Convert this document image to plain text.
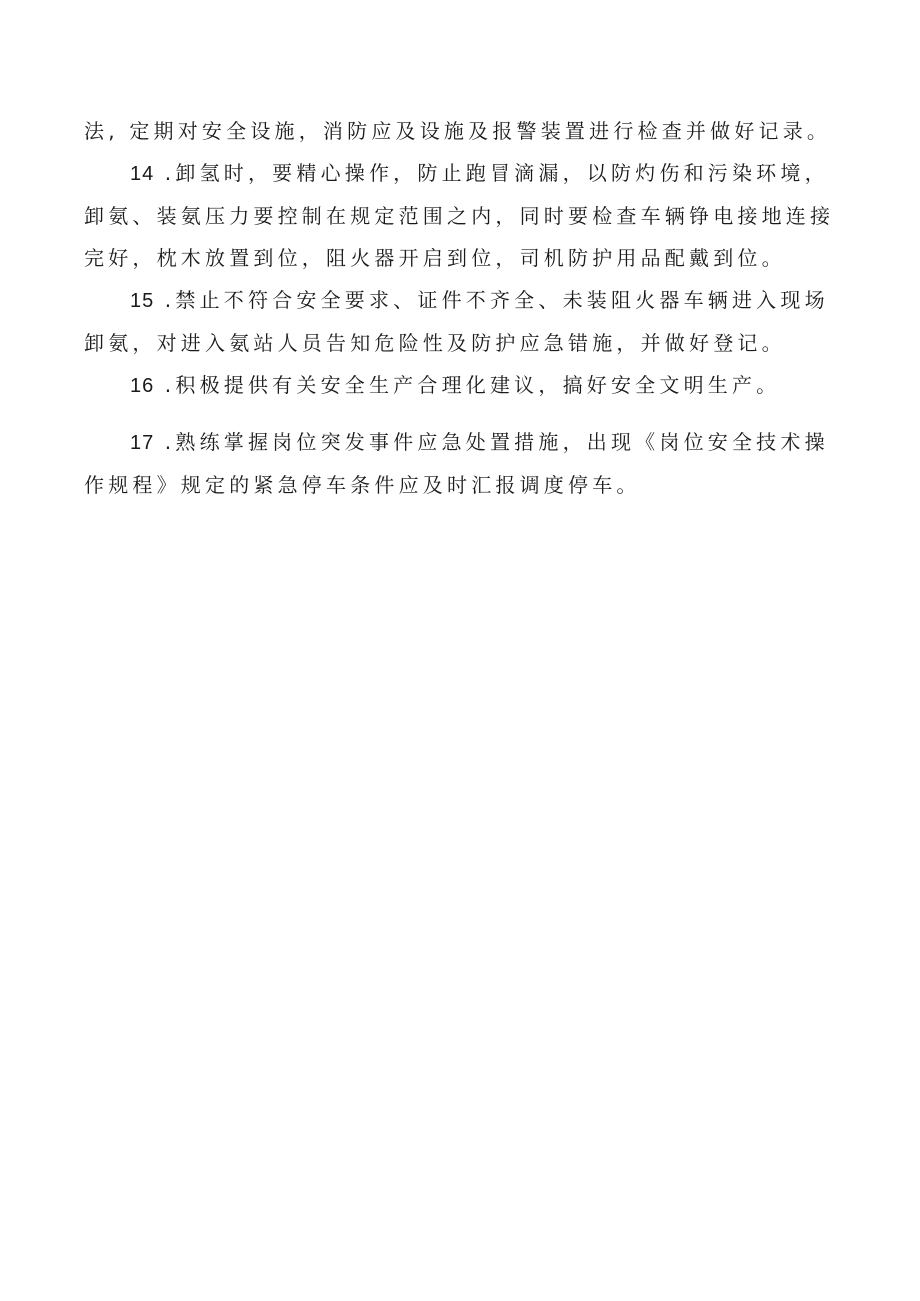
法, 定期对安全设施，消防应及设施及报警装置进行检查并做好记录。

14 .卸氢时，要精心操作，防止跑冒滴漏，以防灼伤和污染环境，

卸氨、装氨压力要控制在规定范围之内，同时要检查车辆铮电接地连接

完好，枕木放置到位，阻火器开启到位，司机防护用品配戴到位。

15 .禁止不符合安全要求、证件不齐全、未装阻火器车辆进入现场

卸氨，对进入氨站人员告知危险性及防护应急错施，并做好登记。

16 .积极提供有关安全生产合理化建议，搞好安全文明生产。

17 .熟练掌握岗位突发事件应急处置措施，出现《岗位安全技术操

作规程》规定的紧急停车条件应及时汇报调度停车。
